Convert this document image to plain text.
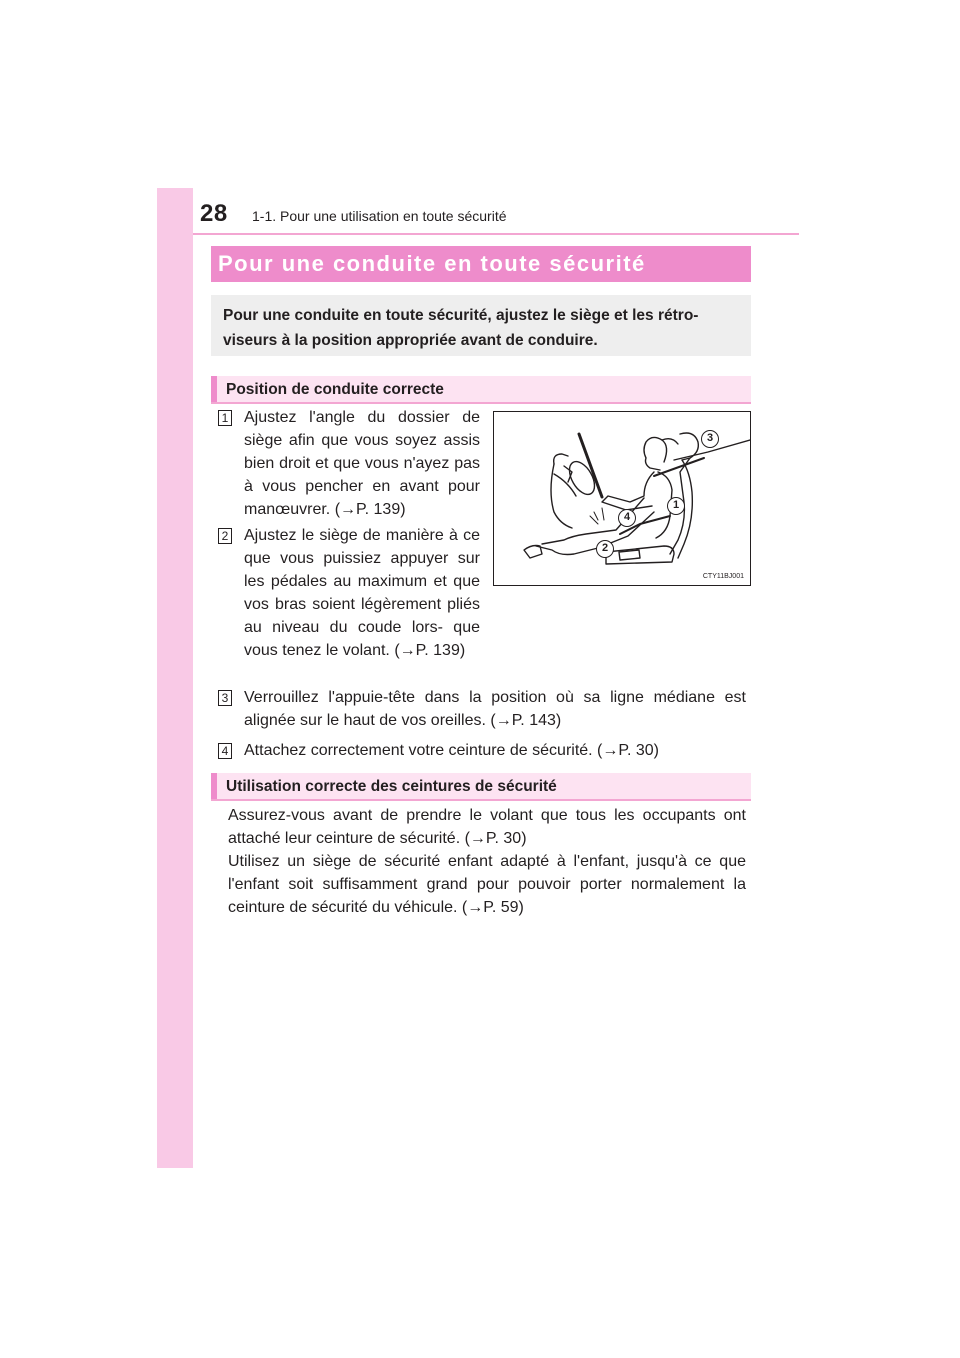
28 1-1. Pour une utilisation en toute sécurité
Pour une conduite en toute sécurité
Pour une conduite en toute sécurité, ajustez le siège et les rétro- viseurs à la position appropriée avant de conduire.
Position de conduite correcte
1 Ajustez l'angle du dossier de siège afin que vous soyez assis bien droit et que vous n'ayez pas à vous pencher en avant pour manœuvrer. (→P. 139)
2 Ajustez le siège de manière à ce que vous puissiez appuyer sur les pédales au maximum et que vos bras soient légèrement pliés au niveau du coude lors- que vous tenez le volant. (→P. 139)
3
1
4
2
CTY11BJ001
3 Verrouillez l'appuie-tête dans la position où sa ligne médiane est alignée sur le haut de vos oreilles. (→P. 143)
4 Attachez correctement votre ceinture de sécurité. (→P. 30)
Utilisation correcte des ceintures de sécurité
Assurez-vous avant de prendre le volant que tous les occupants ont attaché leur ceinture de sécurité. (→P. 30)
Utilisez un siège de sécurité enfant adapté à l'enfant, jusqu'à ce que l'enfant soit suffisamment grand pour pouvoir porter normalement la ceinture de sécurité du véhicule. (→P. 59)
